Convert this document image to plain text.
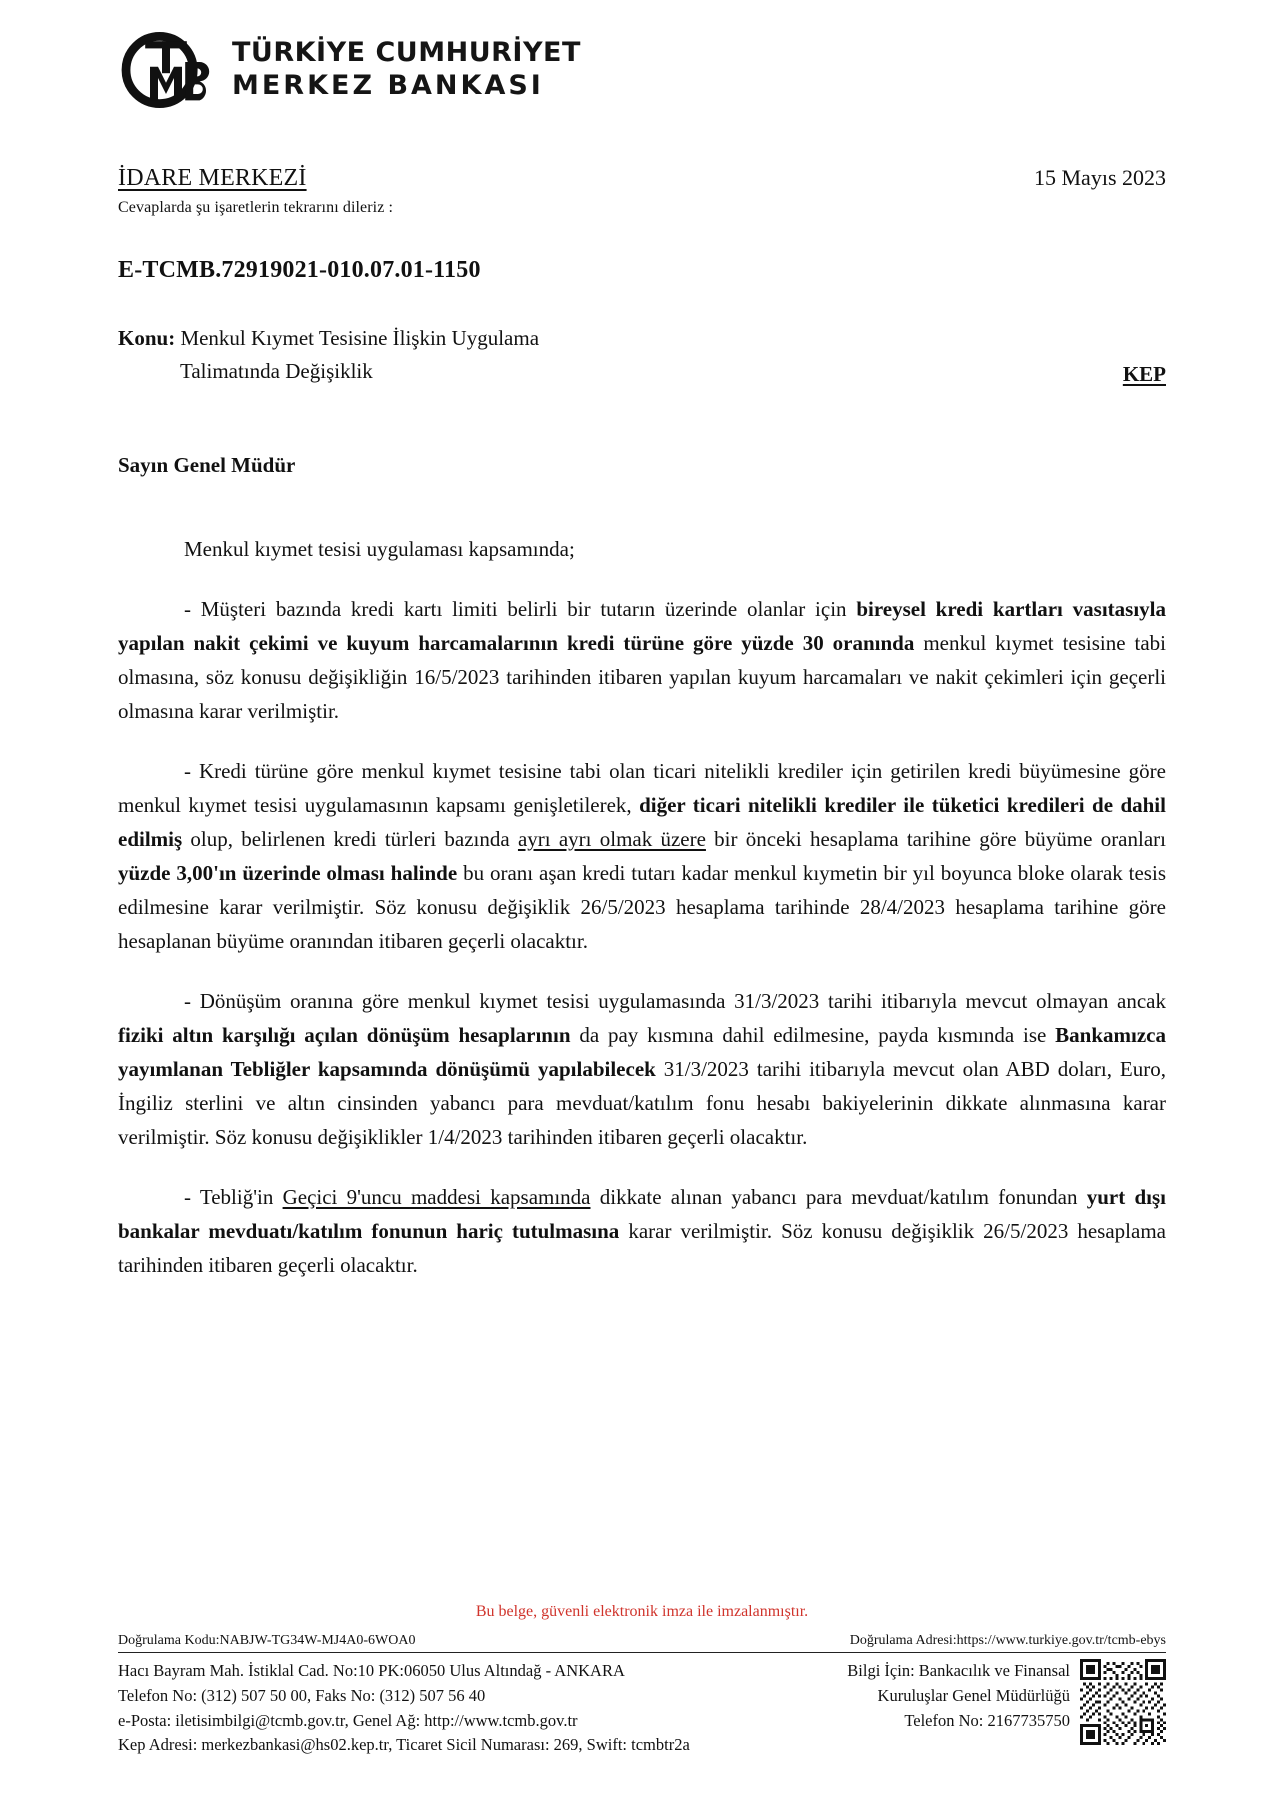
TÜRKİYE CUMHURİYET
MERKEZ BANKASI
İDARE MERKEZİ	15 Mayıs 2023
Cevaplarda şu işaretlerin tekrarını dileriz :
E-TCMB.72919021-010.07.01-1150
Konu: Menkul Kıymet Tesisine İlişkin Uygulama
Talimatında Değişiklik	KEP
Sayın Genel Müdür

Menkul kıymet tesisi uygulaması kapsamında;

- Müşteri bazında kredi kartı limiti belirli bir tutarın üzerinde olanlar için bireysel kredi kartları vasıtasıyla yapılan nakit çekimi ve kuyum harcamalarının kredi türüne göre yüzde 30 oranında menkul kıymet tesisine tabi olmasına, söz konusu değişikliğin 16/5/2023 tarihinden itibaren yapılan kuyum harcamaları ve nakit çekimleri için geçerli olmasına karar verilmiştir.

- Kredi türüne göre menkul kıymet tesisine tabi olan ticari nitelikli krediler için getirilen kredi büyümesine göre menkul kıymet tesisi uygulamasının kapsamı genişletilerek, diğer ticari nitelikli krediler ile tüketici kredileri de dahil edilmiş olup, belirlenen kredi türleri bazında ayrı ayrı olmak üzere bir önceki hesaplama tarihine göre büyüme oranları yüzde 3,00'ın üzerinde olması halinde bu oranı aşan kredi tutarı kadar menkul kıymetin bir yıl boyunca bloke olarak tesis edilmesine karar verilmiştir. Söz konusu değişiklik 26/5/2023 hesaplama tarihinde 28/4/2023 hesaplama tarihine göre hesaplanan büyüme oranından itibaren geçerli olacaktır.

- Dönüşüm oranına göre menkul kıymet tesisi uygulamasında 31/3/2023 tarihi itibarıyla mevcut olmayan ancak fiziki altın karşılığı açılan dönüşüm hesaplarının da pay kısmına dahil edilmesine, payda kısmında ise Bankamızca yayımlanan Tebliğler kapsamında dönüşümü yapılabilecek 31/3/2023 tarihi itibarıyla mevcut olan ABD doları, Euro, İngiliz sterlini ve altın cinsinden yabancı para mevduat/katılım fonu hesabı bakiyelerinin dikkate alınmasına karar verilmiştir. Söz konusu değişiklikler 1/4/2023 tarihinden itibaren geçerli olacaktır.

- Tebliğ'in Geçici 9'uncu maddesi kapsamında dikkate alınan yabancı para mevduat/katılım fonundan yurt dışı bankalar mevduatı/katılım fonunun hariç tutulmasına karar verilmiştir. Söz konusu değişiklik 26/5/2023 hesaplama tarihinden itibaren geçerli olacaktır.

Bu belge, güvenli elektronik imza ile imzalanmıştır.
Doğrulama Kodu:NABJW-TG34W-MJ4A0-6WOA0	Doğrulama Adresi:https://www.turkiye.gov.tr/tcmb-ebys
Hacı Bayram Mah. İstiklal Cad. No:10 PK:06050 Ulus Altındağ - ANKARA
Telefon No: (312) 507 50 00, Faks No: (312) 507 56 40
e-Posta: iletisimbilgi@tcmb.gov.tr, Genel Ağ: http://www.tcmb.gov.tr
Kep Adresi: merkezbankasi@hs02.kep.tr, Ticaret Sicil Numarası: 269, Swift: tcmbtr2a
Bilgi İçin: Bankacılık ve Finansal
Kuruluşlar Genel Müdürlüğü
Telefon No: 2167735750
